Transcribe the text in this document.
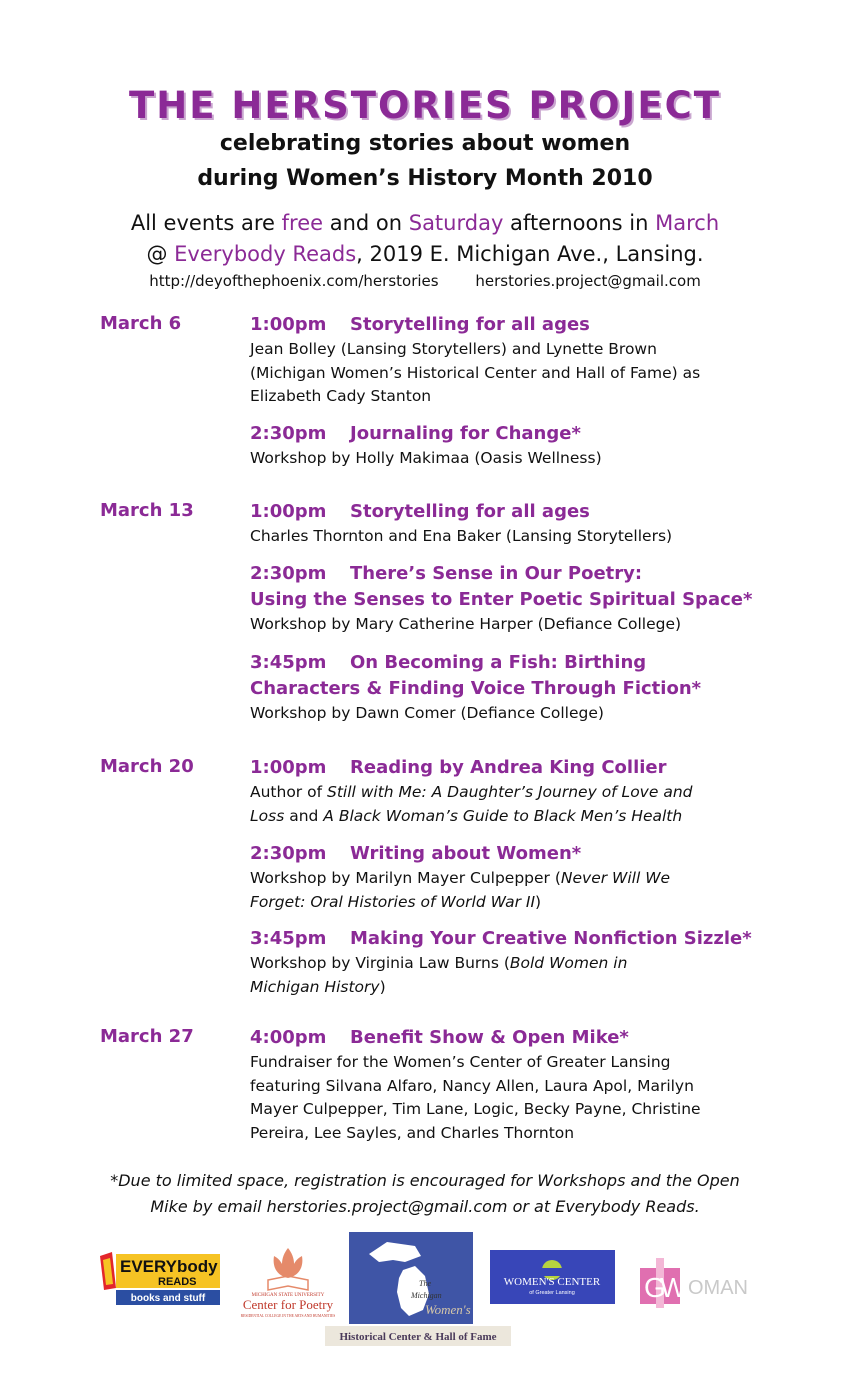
THE HERSTORIES PROJECT
celebrating stories about women
during Women’s History Month 2010
All events are free and on Saturday afternoons in March
@ Everybody Reads, 2019 E. Michigan Ave., Lansing.
http://deyofthephoenix.com/herstories herstories.project@gmail.com
March 6	1:00pm Storytelling for all ages
Jean Bolley (Lansing Storytellers) and Lynette Brown
(Michigan Women’s Historical Center and Hall of Fame) as
Elizabeth Cady Stanton
2:30pm Journaling for Change*
Workshop by Holly Makimaa (Oasis Wellness)
March 13	1:00pm Storytelling for all ages
Charles Thornton and Ena Baker (Lansing Storytellers)
2:30pm There’s Sense in Our Poetry:
Using the Senses to Enter Poetic Spiritual Space*
Workshop by Mary Catherine Harper (Defiance College)
3:45pm On Becoming a Fish: Birthing
Characters & Finding Voice Through Fiction*
Workshop by Dawn Comer (Defiance College)
March 20	1:00pm Reading by Andrea King Collier
Author of Still with Me: A Daughter’s Journey of Love and
Loss and A Black Woman’s Guide to Black Men’s Health
2:30pm Writing about Women*
Workshop by Marilyn Mayer Culpepper (Never Will We
Forget: Oral Histories of World War II)
3:45pm Making Your Creative Nonfiction Sizzle*
Workshop by Virginia Law Burns (Bold Women in
Michigan History)
March 27	4:00pm Benefit Show & Open Mike*
Fundraiser for the Women’s Center of Greater Lansing
featuring Silvana Alfaro, Nancy Allen, Laura Apol, Marilyn
Mayer Culpepper, Tim Lane, Logic, Becky Payne, Christine
Pereira, Lee Sayles, and Charles Thornton
*Due to limited space, registration is encouraged for Workshops and the Open
Mike by email herstories.project@gmail.com or at Everybody Reads.
EVERYbody
READS
books and stuff	MICHIGAN STATE UNIVERSITY
Center for Poetry
RESIDENTIAL COLLEGE IN THE ARTS AND HUMANITIES
The
Michigan
Women's
Historical Center & Hall of Fame
WOMEN'S CENTER
of Greater Lansing G
W OMAN
